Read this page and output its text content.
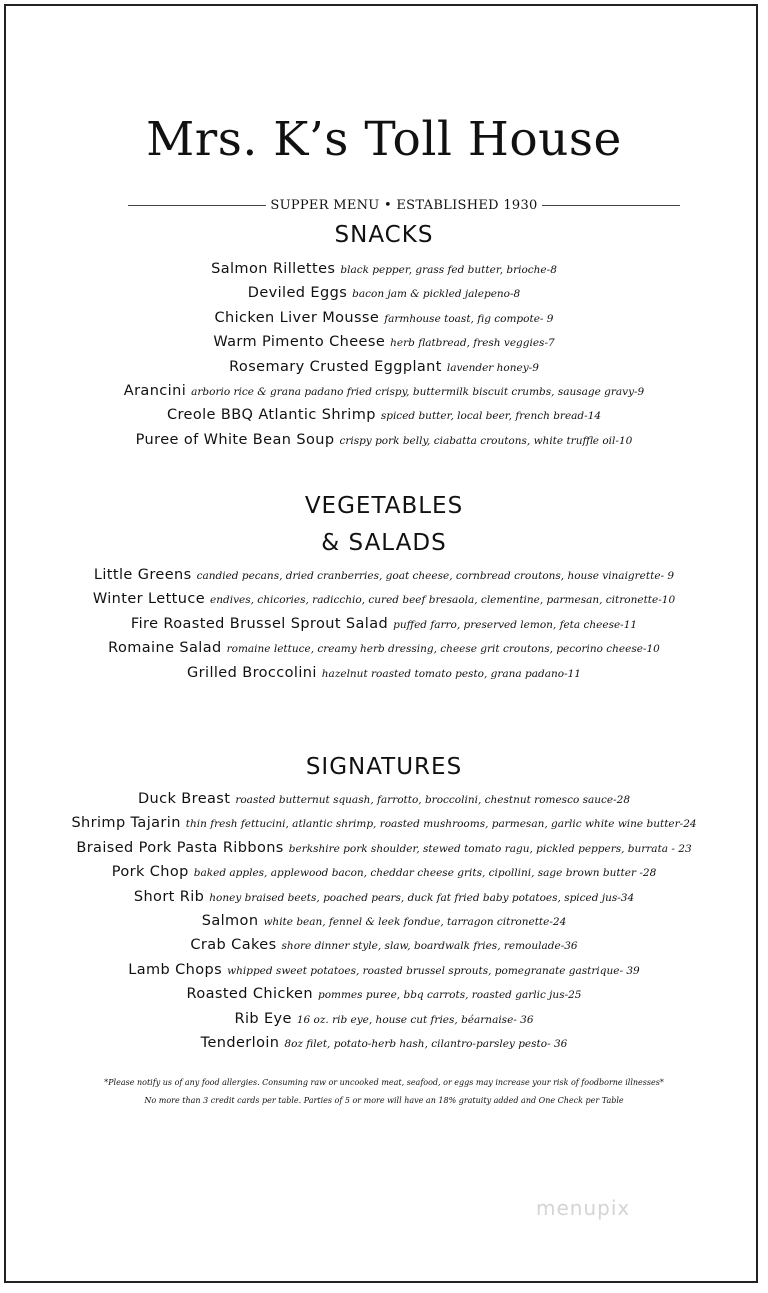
Mrs. K’s Toll House
SUPPER MENU • ESTABLISHED 1930
SNACKS
Salmon Rillettes black pepper, grass fed butter, brioche-8
Deviled Eggs bacon jam & pickled jalepeno-8
Chicken Liver Mousse farmhouse toast, fig compote- 9
Warm Pimento Cheese herb flatbread, fresh veggies-7
Rosemary Crusted Eggplant lavender honey-9
Arancini arborio rice & grana padano fried crispy, buttermilk biscuit crumbs, sausage gravy-9
Creole BBQ Atlantic Shrimp spiced butter, local beer, french bread-14
Puree of White Bean Soup crispy pork belly, ciabatta croutons, white truffle oil-10
VEGETABLES
& SALADS
Little Greens candied pecans, dried cranberries, goat cheese, cornbread croutons, house vinaigrette- 9
Winter Lettuce endives, chicories, radicchio, cured beef bresaola, clementine, parmesan, citronette-10
Fire Roasted Brussel Sprout Salad puffed farro, preserved lemon, feta cheese-11
Romaine Salad romaine lettuce, creamy herb dressing, cheese grit croutons, pecorino cheese-10
Grilled Broccolini hazelnut roasted tomato pesto, grana padano-11
SIGNATURES
Duck Breast roasted butternut squash, farrotto, broccolini, chestnut romesco sauce-28
Shrimp Tajarin thin fresh fettucini, atlantic shrimp, roasted mushrooms, parmesan, garlic white wine butter-24
Braised Pork Pasta Ribbons berkshire pork shoulder, stewed tomato ragu, pickled peppers, burrata - 23
Pork Chop baked apples, applewood bacon, cheddar cheese grits, cipollini, sage brown butter -28
Short Rib honey braised beets, poached pears, duck fat fried baby potatoes, spiced jus-34
Salmon white bean, fennel & leek fondue, tarragon citronette-24
Crab Cakes shore dinner style, slaw, boardwalk fries, remoulade-36
Lamb Chops whipped sweet potatoes, roasted brussel sprouts, pomegranate gastrique- 39
Roasted Chicken pommes puree, bbq carrots, roasted garlic jus-25
Rib Eye 16 oz. rib eye, house cut fries, béarnaise- 36
Tenderloin 8oz filet, potato-herb hash, cilantro-parsley pesto- 36
*Please notify us of any food allergies. Consuming raw or uncooked meat, seafood, or eggs may increase your risk of foodborne illnesses*
No more than 3 credit cards per table. Parties of 5 or more will have an 18% gratuity added and One Check per Table
menupix
